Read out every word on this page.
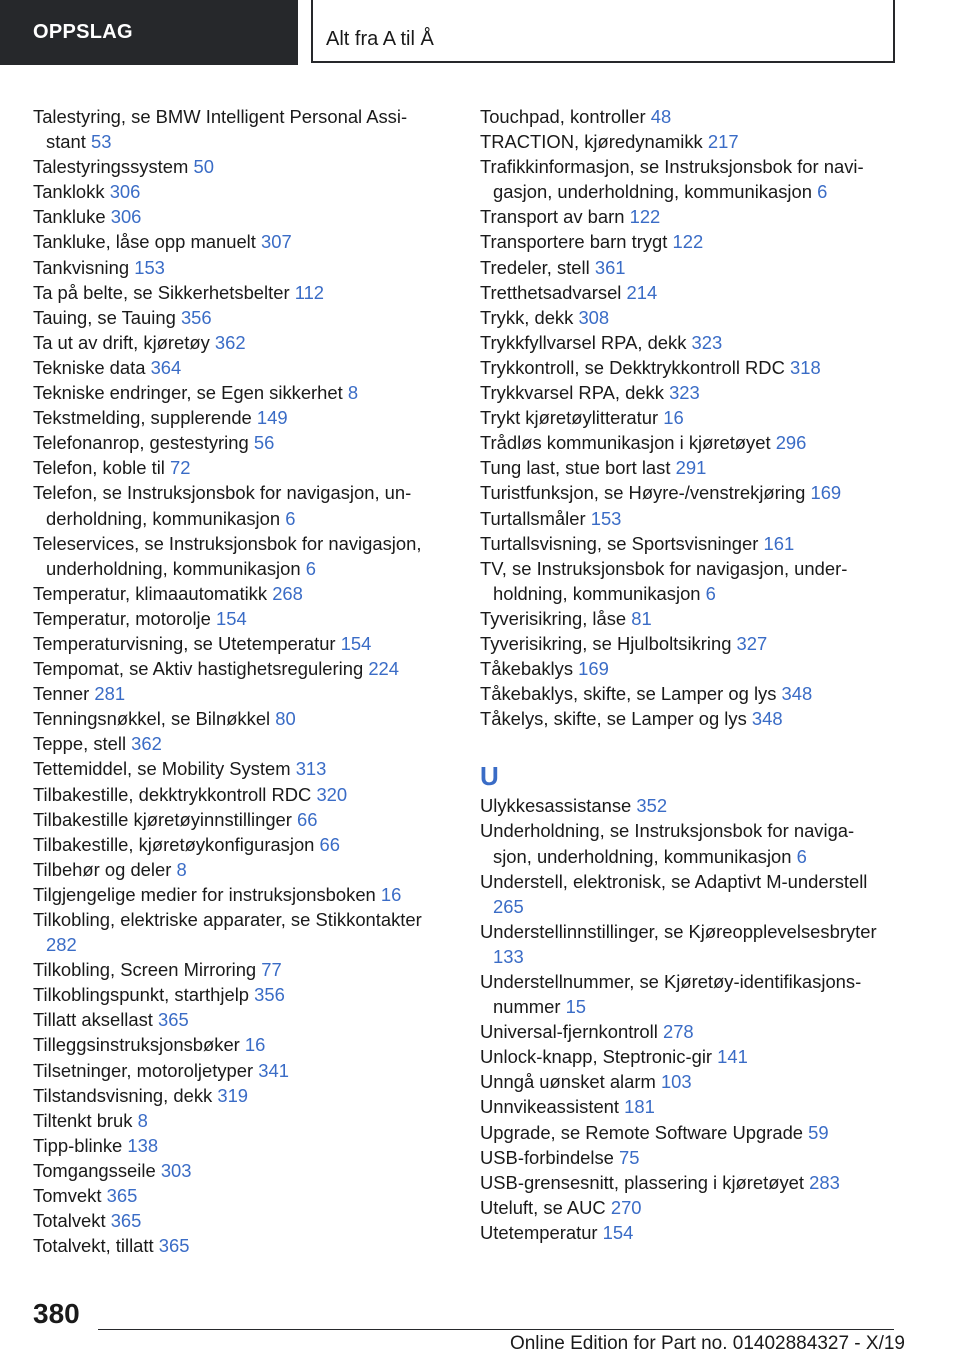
OPPSLAG	Alt fra A til Å
Talestyring, se BMW Intelligent Personal Assistant 53
Talestyringssystem 50
Tanklokk 306
Tankluke 306
Tankluke, låse opp manuelt 307
Tankvisning 153
Ta på belte, se Sikkerhetsbelter 112
Tauing, se Tauing 356
Ta ut av drift, kjøretøy 362
Tekniske data 364
Tekniske endringer, se Egen sikkerhet 8
Tekstmelding, supplerende 149
Telefonanrop, gestestyring 56
Telefon, koble til 72
Telefon, se Instruksjonsbok for navigasjon, underholdning, kommunikasjon 6
Teleservices, se Instruksjonsbok for navigasjon, underholdning, kommunikasjon 6
Temperatur, klimaautomatikk 268
Temperatur, motorolje 154
Temperaturvisning, se Utetemperatur 154
Tempomat, se Aktiv hastighetsregulering 224
Tenner 281
Tenningsnøkkel, se Bilnøkkel 80
Teppe, stell 362
Tettemiddel, se Mobility System 313
Tilbakestille, dekktrykkontroll RDC 320
Tilbakestille kjøretøyinnstillinger 66
Tilbakestille, kjøretøykonfigurasjon 66
Tilbehør og deler 8
Tilgjengelige medier for instruksjonsboken 16
Tilkobling, elektriske apparater, se Stikkontakter 282
Tilkobling, Screen Mirroring 77
Tilkoblingspunkt, starthjelp 356
Tillatt aksellast 365
Tilleggsinstruksjonsbøker 16
Tilsetninger, motoroljetyper 341
Tilstandsvisning, dekk 319
Tiltenkt bruk 8
Tipp-blinke 138
Tomgangsseile 303
Tomvekt 365
Totalvekt 365
Totalvekt, tillatt 365
Touchpad, kontroller 48
TRACTION, kjøredynamikk 217
Trafikkinformasjon, se Instruksjonsbok for navigasjon, underholdning, kommunikasjon 6
Transport av barn 122
Transportere barn trygt 122
Tredeler, stell 361
Tretthetsadvarsel 214
Trykk, dekk 308
Trykkfyllvarsel RPA, dekk 323
Trykkontroll, se Dekktrykkontroll RDC 318
Trykkvarsel RPA, dekk 323
Trykt kjøretøylitteratur 16
Trådløs kommunikasjon i kjøretøyet 296
Tung last, stue bort last 291
Turistfunksjon, se Høyre-/venstrekjøring 169
Turtallsmåler 153
Turtallsvisning, se Sportsvisninger 161
TV, se Instruksjonsbok for navigasjon, underholdning, kommunikasjon 6
Tyverisikring, låse 81
Tyverisikring, se Hjulboltsikring 327
Tåkebaklys 169
Tåkebaklys, skifte, se Lamper og lys 348
Tåkelys, skifte, se Lamper og lys 348
U
Ulykkesassistanse 352
Underholdning, se Instruksjonsbok for navigasjon, underholdning, kommunikasjon 6
Understell, elektronisk, se Adaptivt M-understell 265
Understellinnstillinger, se Kjøreopplevelsesbryter 133
Understellnummer, se Kjøretøy-identifikasjonsnummer 15
Universal-fjernkontroll 278
Unlock-knapp, Steptronic-gir 141
Unngå uønsket alarm 103
Unnvikeassistent 181
Upgrade, se Remote Software Upgrade 59
USB-forbindelse 75
USB-grensesnitt, plassering i kjøretøyet 283
Uteluft, se AUC 270
Utetemperatur 154
380
Online Edition for Part no. 01402884327 - X/19
